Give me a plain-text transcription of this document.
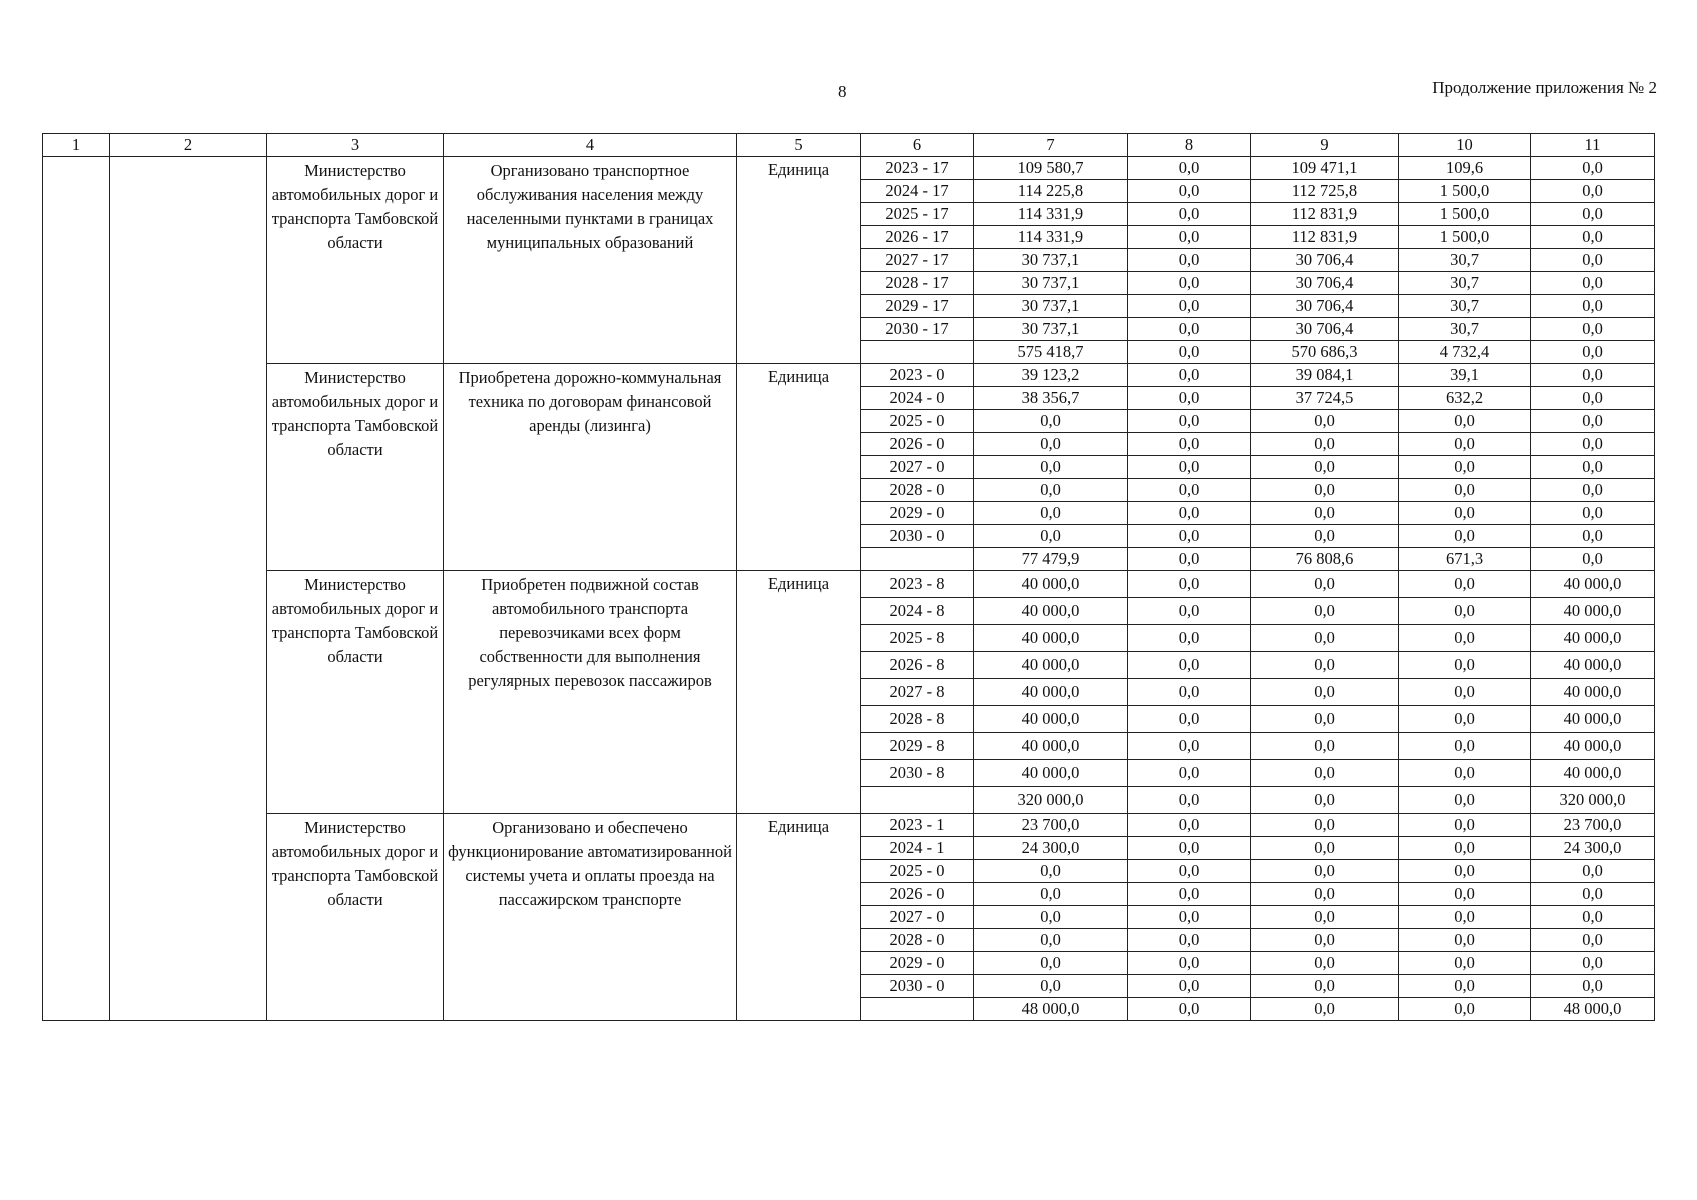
8	Продолжение приложения № 2
1	2	3	4	5	6	7	8	9	10	11
		Министерство автомобильных дорог и транспорта Тамбовской области	Организовано транспортное обслуживания населения между населенными пунктами в границах муниципальных образований	Единица	2023 - 17	109 580,7	0,0	109 471,1	109,6	0,0
					2024 - 17	114 225,8	0,0	112 725,8	1 500,0	0,0
					2025 - 17	114 331,9	0,0	112 831,9	1 500,0	0,0
					2026 - 17	114 331,9	0,0	112 831,9	1 500,0	0,0
					2027 - 17	30 737,1	0,0	30 706,4	30,7	0,0
					2028 - 17	30 737,1	0,0	30 706,4	30,7	0,0
					2029 - 17	30 737,1	0,0	30 706,4	30,7	0,0
					2030 - 17	30 737,1	0,0	30 706,4	30,7	0,0
						575 418,7	0,0	570 686,3	4 732,4	0,0
		Министерство автомобильных дорог и транспорта Тамбовской области	Приобретена дорожно-коммунальная техника по договорам финансовой аренды (лизинга)	Единица	2023 - 0	39 123,2	0,0	39 084,1	39,1	0,0
					2024 - 0	38 356,7	0,0	37 724,5	632,2	0,0
					2025 - 0	0,0	0,0	0,0	0,0	0,0
					2026 - 0	0,0	0,0	0,0	0,0	0,0
					2027 - 0	0,0	0,0	0,0	0,0	0,0
					2028 - 0	0,0	0,0	0,0	0,0	0,0
					2029 - 0	0,0	0,0	0,0	0,0	0,0
					2030 - 0	0,0	0,0	0,0	0,0	0,0
						77 479,9	0,0	76 808,6	671,3	0,0
		Министерство автомобильных дорог и транспорта Тамбовской области	Приобретен подвижной состав автомобильного транспорта перевозчиками всех форм собственности для выполнения регулярных перевозок пассажиров	Единица	2023 - 8	40 000,0	0,0	0,0	0,0	40 000,0
					2024 - 8	40 000,0	0,0	0,0	0,0	40 000,0
					2025 - 8	40 000,0	0,0	0,0	0,0	40 000,0
					2026 - 8	40 000,0	0,0	0,0	0,0	40 000,0
					2027 - 8	40 000,0	0,0	0,0	0,0	40 000,0
					2028 - 8	40 000,0	0,0	0,0	0,0	40 000,0
					2029 - 8	40 000,0	0,0	0,0	0,0	40 000,0
					2030 - 8	40 000,0	0,0	0,0	0,0	40 000,0
						320 000,0	0,0	0,0	0,0	320 000,0
		Министерство автомобильных дорог и транспорта Тамбовской области	Организовано и обеспечено функционирование автоматизированной системы учета и оплаты проезда на пассажирском транспорте	Единица	2023 - 1	23 700,0	0,0	0,0	0,0	23 700,0
					2024 - 1	24 300,0	0,0	0,0	0,0	24 300,0
					2025 - 0	0,0	0,0	0,0	0,0	0,0
					2026 - 0	0,0	0,0	0,0	0,0	0,0
					2027 - 0	0,0	0,0	0,0	0,0	0,0
					2028 - 0	0,0	0,0	0,0	0,0	0,0
					2029 - 0	0,0	0,0	0,0	0,0	0,0
					2030 - 0	0,0	0,0	0,0	0,0	0,0
						48 000,0	0,0	0,0	0,0	48 000,0
